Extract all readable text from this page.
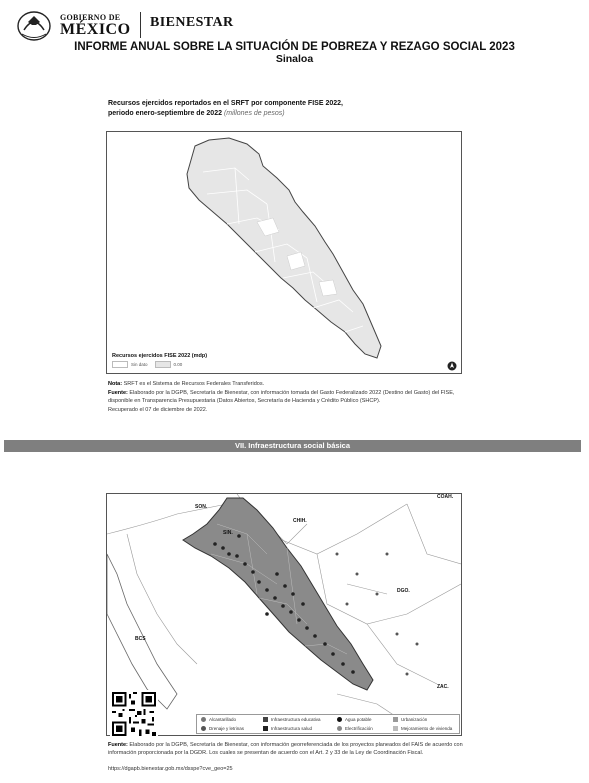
GOBIERNO DE
MÉXICO BIENESTAR
INFORME ANUAL SOBRE LA SITUACIÓN DE POBREZA Y REZAGO SOCIAL 2023
Sinaloa
Recursos ejercidos reportados en el SRFT por componente FISE 2022,
periodo enero-septiembre de 2022 (millones de pesos)
Recursos ejercidos FISE 2022 (mdp)
Sin dato	0.00
Nota: SRFT es el Sistema de Recursos Federales Transferidos.
Fuente: Elaborado por la DGPB, Secretaría de Bienestar, con información tomada del Gasto Federalizado 2022 (Destino del Gasto) del FISE, disponible en Transparencia Presupuestaria (Datos Abiertos, Secretaría de Hacienda y Crédito Público (SHCP).
Recuperado el 07 de diciembre de 2022.
VII. Infraestructura social básica
SON.
SIN.
CHIH.
DGO.
BCS
ZAC.
COAH.
Alcantarillado	Infraestructura educativa	Agua potable	Urbanización
Drenaje y letrinas	Infraestructura salud	Electrificación	Mejoramiento de vivienda
Fuente: Elaborado por la DGPB, Secretaría de Bienestar, con información georreferenciada de los proyectos planeados del FAIS de acuerdo con información proporcionada por la DGDR. Los cuales se presentan de acuerdo con el Art. 2 y 33 de la Ley de Coordinación Fiscal.
https://dgapb.bienestar.gob.mx/dsspe?cve_geo=25
